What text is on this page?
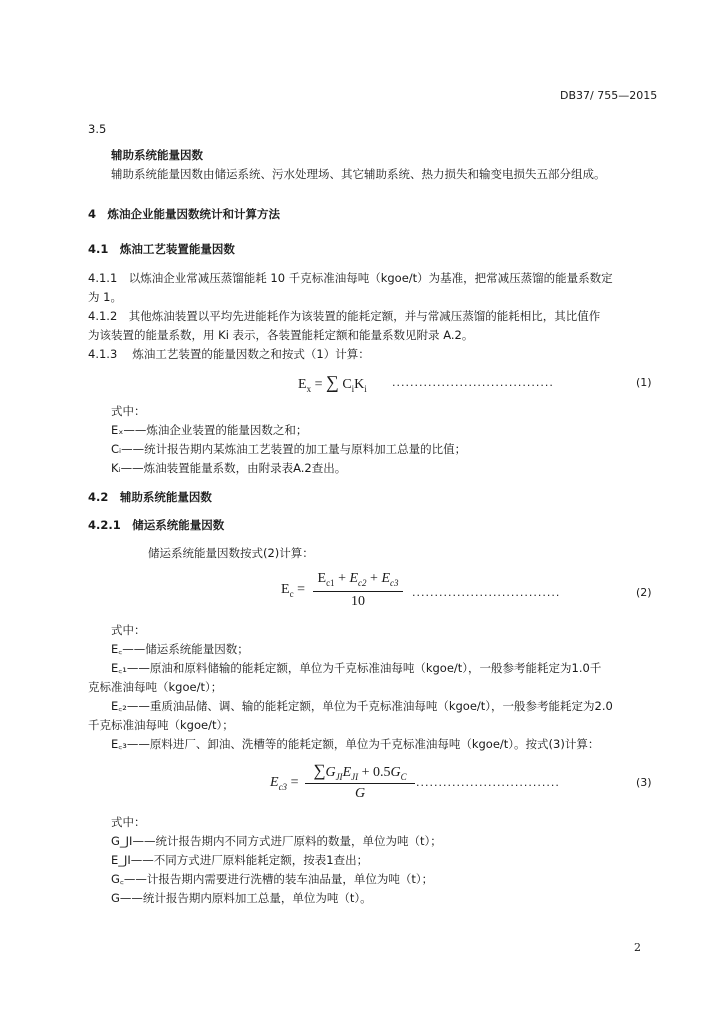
DB37/ 755—2015
3.5
辅助系统能量因数
辅助系统能量因数由储运系统、污水处理场、其它辅助系统、热力损失和输变电损失五部分组成。
4　炼油企业能量因数统计和计算方法
4.1　炼油工艺装置能量因数
4.1.1　以炼油企业常减压蒸馏能耗 10 千克标准油每吨（kgoe/t）为基准，把常减压蒸馏的能量系数定
为 1。
4.1.2　其他炼油装置以平均先进能耗作为该装置的能耗定额，并与常减压蒸馏的能耗相比，其比值作
为该装置的能量系数，用 Ki 表示，各装置能耗定额和能量系数见附录 A.2。
4.1.3　 炼油工艺装置的能量因数之和按式（1）计算：
$E_x$ = ∑ $C_iK_i$ ....................................	(1)
式中：
Eₓ——炼油企业装置的能量因数之和；
Cᵢ——统计报告期内某炼油工艺装置的加工量与原料加工总量的比值；
Kᵢ——炼油装置能量系数，由附录表A.2查出。
4.2　辅助系统能量因数
4.2.1　储运系统能量因数
储运系统能量因数按式(2)计算：
$E_c$ =
$E_{c1} + E_{c2} + E_{c3}$
10
.................................	(2)
式中：
E꜀——储运系统能量因数；
E꜀₁——原油和原料储输的能耗定额，单位为千克标准油每吨（kgoe/t），一般参考能耗定为1.0千
克标准油每吨（kgoe/t）；
E꜀₂——重质油品储、调、输的能耗定额，单位为千克标准油每吨（kgoe/t），一般参考能耗定为2.0
千克标准油每吨（kgoe/t）；
E꜀₃——原料进厂、卸油、洗槽等的能耗定额，单位为千克标准油每吨（kgoe/t）。按式(3)计算：
$E_{c3}$ =
$\sum G_{JI}E_{JI} + 0.5G_C$
G
................................	(3)
式中：
G_JI——统计报告期内不同方式进厂原料的数量，单位为吨（t）；
E_JI——不同方式进厂原料能耗定额，按表1查出；
G꜀——计报告期内需要进行洗槽的装车油品量，单位为吨（t）；
G——统计报告期内原料加工总量，单位为吨（t）。
2
